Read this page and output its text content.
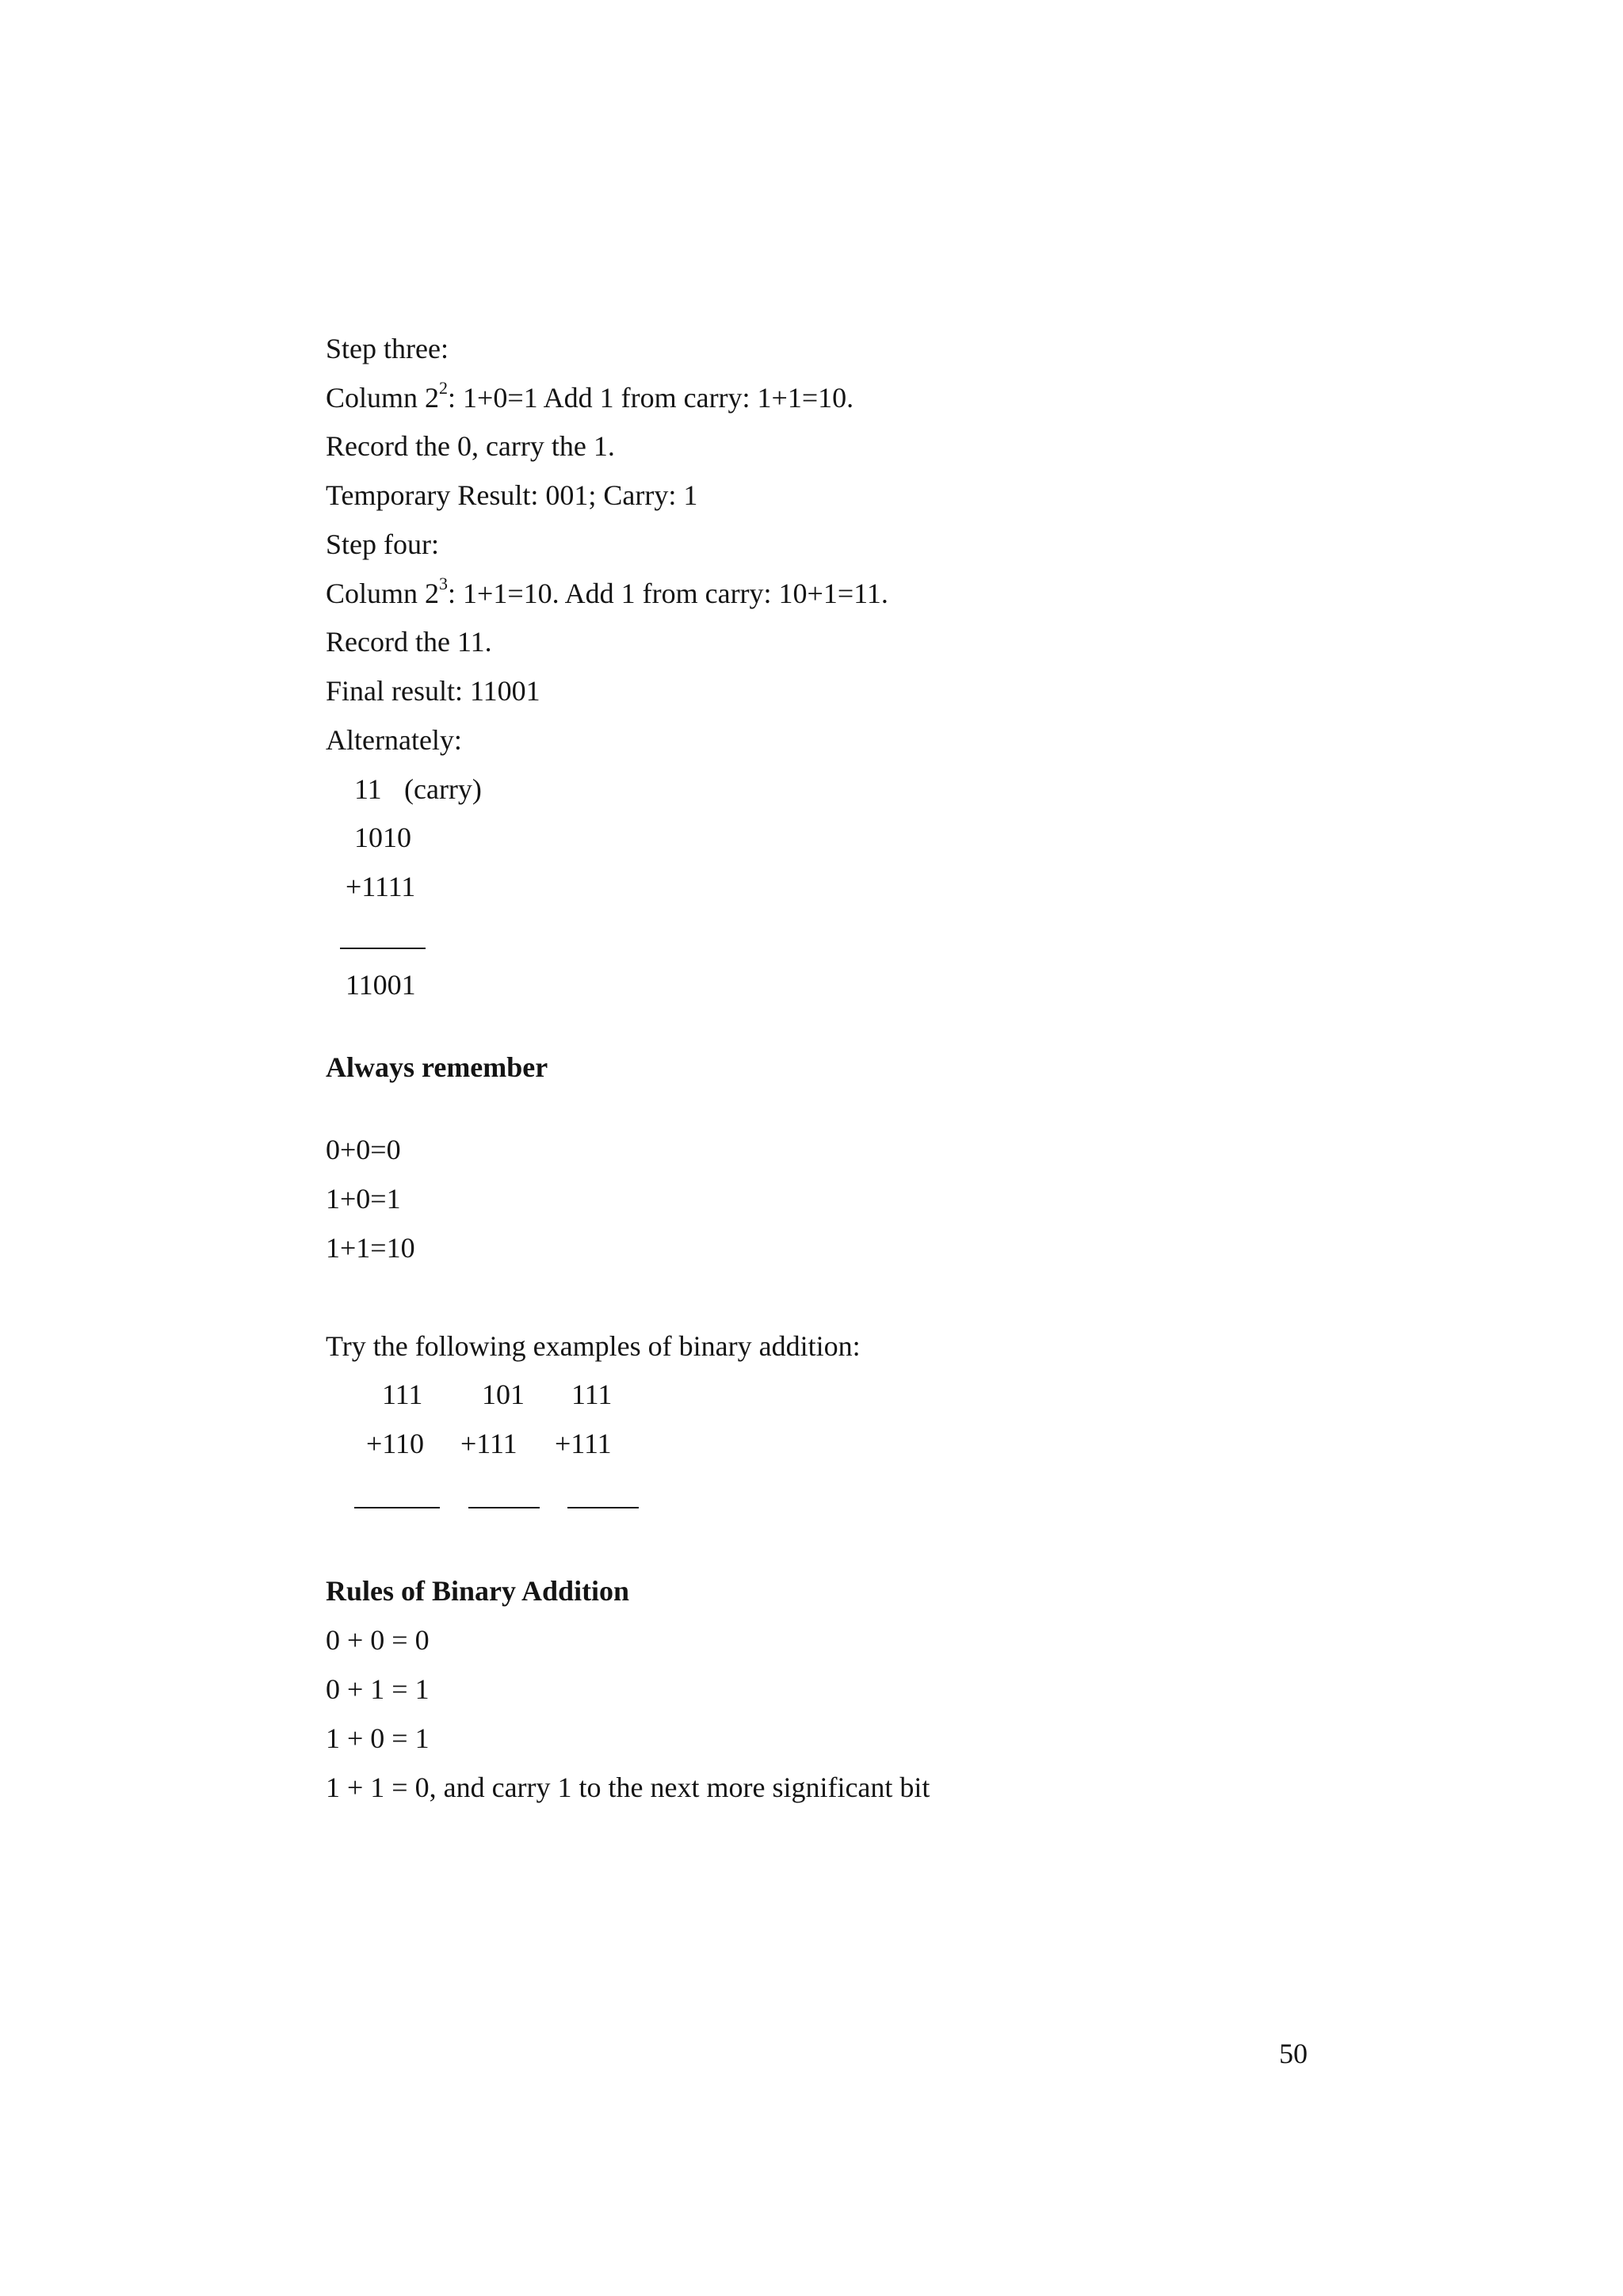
Step three:
Column $2^2$: 1+0=1 Add 1 from carry: 1+1=10.
Record the 0, carry the 1.
Temporary Result: 001; Carry: 1
Step four:
Column $2^3$: 1+1=10. Add 1 from carry: 10+1=11.
Record the 11.
Final result: 11001
Alternately:
11 (carry)
1010
+1111
11001
Always remember
0+0=0
1+0=1
1+1=10
Try the following examples of binary addition:
111 101 111
+110 +111 +111
Rules of Binary Addition
0 + 0 = 0
0 + 1 = 1
1 + 0 = 1
1 + 1 = 0, and carry 1 to the next more significant bit
50
